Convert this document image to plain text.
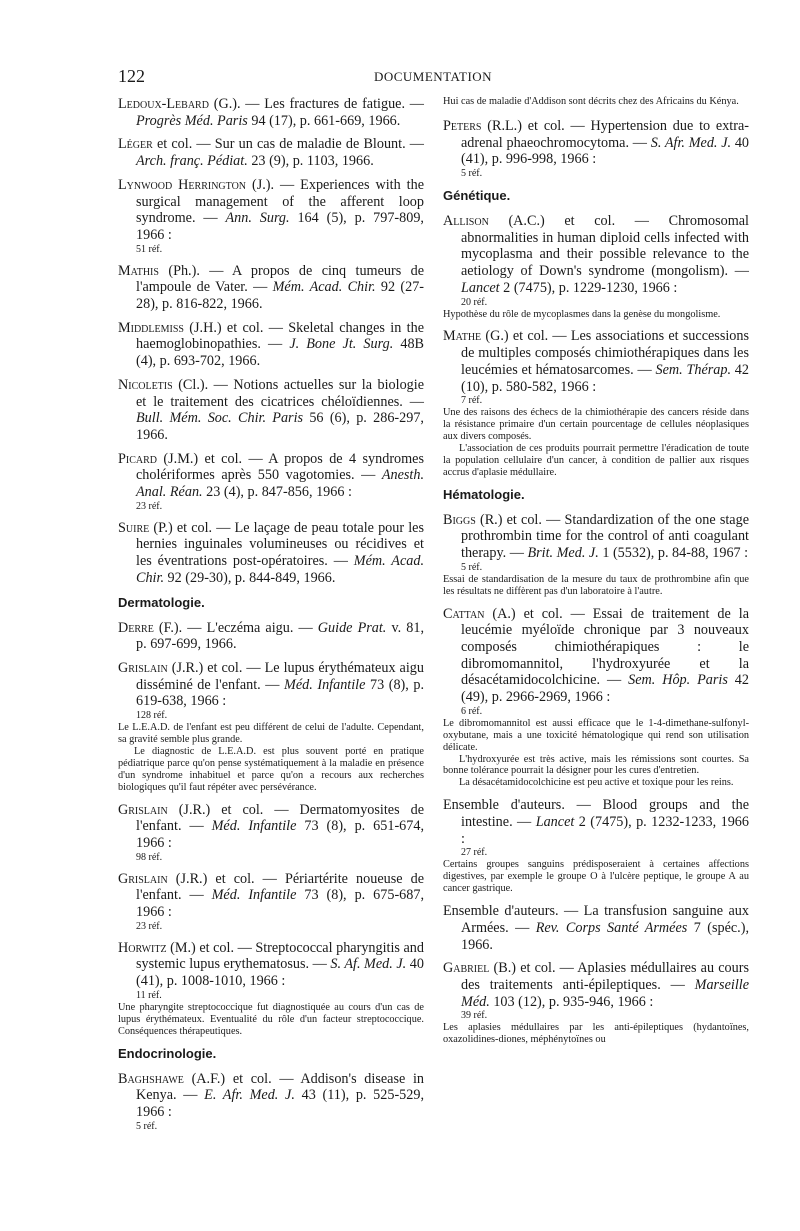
122	DOCUMENTATION

Ledoux-Lebard (G.). — Les fractures de fatigue. — Progrès Méd. Paris 94 (17), p. 661-669, 1966.

Léger et col. — Sur un cas de maladie de Blount. — Arch. franç. Pédiat. 23 (9), p. 1103, 1966.

Lynwood Herrington (J.). — Experiences with the surgical management of the afferent loop syndrome. — Ann. Surg. 164 (5), p. 797-809, 1966 :

51 réf.

Mathis (Ph.). — A propos de cinq tumeurs de l'ampoule de Vater. — Mém. Acad. Chir. 92 (27-28), p. 816-822, 1966.

Middlemiss (J.H.) et col. — Skeletal changes in the haemoglobinopathies. — J. Bone Jt. Surg. 48B (4), p. 693-702, 1966.

Nicoletis (Cl.). — Notions actuelles sur la biologie et le traitement des cicatrices chéloïdiennes. — Bull. Mém. Soc. Chir. Paris 56 (6), p. 286-297, 1966.

Picard (J.M.) et col. — A propos de 4 syndromes cholériformes après 550 vagotomies. — Anesth. Anal. Réan. 23 (4), p. 847-856, 1966 :

23 réf.

Suire (P.) et col. — Le laçage de peau totale pour les hernies inguinales volumineuses ou récidives et les éventrations post-opératoires. — Mém. Acad. Chir. 92 (29-30), p. 844-849, 1966.

Dermatologie.

Derre (F.). — L'eczéma aigu. — Guide Prat. v. 81, p. 697-699, 1966.

Grislain (J.R.) et col. — Le lupus érythémateux aigu disséminé de l'enfant. — Méd. Infantile 73 (8), p. 619-638, 1966 :

128 réf.

Le L.E.A.D. de l'enfant est peu différent de celui de l'adulte. Cependant, sa gravité semble plus grande.

Le diagnostic de L.E.A.D. est plus souvent porté en pratique pédiatrique parce qu'on pense systématiquement à la maladie en présence d'un syndrome inhabituel et parce qu'on a recours aux recherches biologiques qu'il faut répéter avec persévérance.

Grislain (J.R.) et col. — Dermatomyosites de l'enfant. — Méd. Infantile 73 (8), p. 651-674, 1966 :

98 réf.

Grislain (J.R.) et col. — Périartérite noueuse de l'enfant. — Méd. Infantile 73 (8), p. 675-687, 1966 :

23 réf.

Horwitz (M.) et col. — Streptococcal pharyngitis and systemic lupus erythematosus. — S. Af. Med. J. 40 (41), p. 1008-1010, 1966 :

11 réf.

Une pharyngite streptococcique fut diagnostiquée au cours d'un cas de lupus érythémateux. Eventualité du rôle d'un facteur streptococcique. Conséquences thérapeutiques.

Endocrinologie.

Baghshawe (A.F.) et col. — Addison's disease in Kenya. — E. Afr. Med. J. 43 (11), p. 525-529, 1966 :

5 réf.

Hui cas de maladie d'Addison sont décrits chez des Africains du Kénya.

Peters (R.L.) et col. — Hypertension due to extra-adrenal phaeochromocytoma. — S. Afr. Med. J. 40 (41), p. 996-998, 1966 :

5 réf.

Génétique.

Allison (A.C.) et col. — Chromosomal abnormalities in human diploid cells infected with mycoplasma and their possible relevance to the aetiology of Down's syndrome (mongolism). — Lancet 2 (7475), p. 1229-1230, 1966 :

20 réf.

Hypothèse du rôle de mycoplasmes dans la genèse du mongolisme.

Mathe (G.) et col. — Les associations et successions de multiples composés chimiothérapiques dans les leucémies et hématosarcomes. — Sem. Thérap. 42 (10), p. 580-582, 1966 :

7 réf.

Une des raisons des échecs de la chimiothérapie des cancers réside dans la résistance primaire d'un certain pourcentage de cellules néoplasiques aux divers composés.

L'association de ces produits pourrait permettre l'éradication de toute la population cellulaire d'un cancer, à condition de pallier aux risques accrus d'aplasie médullaire.

Hématologie.

Biggs (R.) et col. — Standardization of the one stage prothrombin time for the control of anti coagulant therapy. — Brit. Med. J. 1 (5532), p. 84-88, 1967 :

5 réf.

Essai de standardisation de la mesure du taux de prothrombine afin que les résultats ne diffèrent pas d'un laboratoire à l'autre.

Cattan (A.) et col. — Essai de traitement de la leucémie myéloïde chronique par 3 nouveaux composés chimiothérapiques : le dibromomannitol, l'hydroxyurée et la désacétamidocolchicine. — Sem. Hôp. Paris 42 (49), p. 2966-2969, 1966 :

6 réf.

Le dibromomannitol est aussi efficace que le 1-4-dimethane-sulfonyl-oxybutane, mais a une toxicité hématologique qui rend son utilisation délicate.

L'hydroxyurée est très active, mais les rémissions sont courtes. Sa bonne tolérance pourrait la désigner pour les cures d'entretien.

La désacétamidocolchicine est peu active et toxique pour les reins.

Ensemble d'auteurs. — Blood groups and the intestine. — Lancet 2 (7475), p. 1232-1233, 1966 :

27 réf.

Certains groupes sanguins prédisposeraient à certaines affections digestives, par exemple le groupe O à l'ulcère peptique, le groupe A au cancer gastrique.

Ensemble d'auteurs. — La transfusion sanguine aux Armées. — Rev. Corps Santé Armées 7 (spéc.), 1966.

Gabriel (B.) et col. — Aplasies médullaires au cours des traitements anti-épileptiques. — Marseille Méd. 103 (12), p. 935-946, 1966 :

39 réf.

Les aplasies médullaires par les anti-épileptiques (hydantoïnes, oxazolidines-diones, méphénytoïnes ou
